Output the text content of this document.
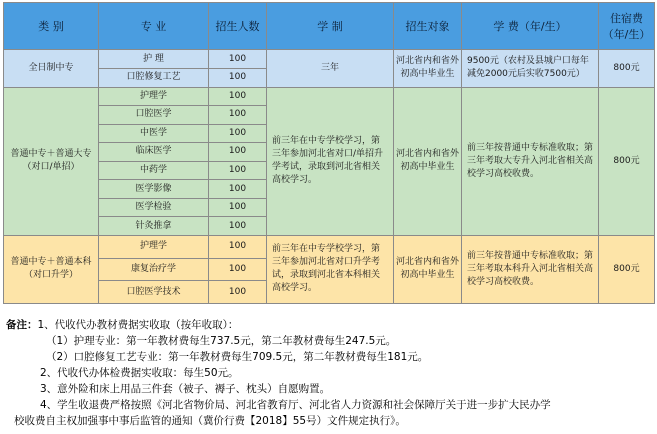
类 别	专 业	招生人数	学 制	招生对象	学 费（年/生）	住宿费
（年/生）

全日制中专	护 理	100	三年	河北省内和省外初高中毕业生	9500元（农村及县城户口每年减免2000元后实收7500元）	800元
	口腔修复工艺	100				
普通中专＋普通大专（对口/单招）	护理学	100	前三年在中专学校学习，第三年参加河北省对口/单招升学考试，录取到河北省相关高校学习。	河北省内和省外初高中毕业生	前三年按普通中专标准收取；第三年考取大专升入河北省相关高校学习高校收费。	800元
	口腔医学	100				
	中医学	100				
	临床医学	100				
	中药学	100				
	医学影像	100				
	医学检验	100				
	针灸推拿	100				
普通中专＋普通本科（对口升学）	护理学	100	前三年在中专学校学习，第三年参加河北省对口升学考试，录取到河北省本科相关高校学习。	河北省内和省外初高中毕业生	前三年按普通中专标准收取；第三年考取本科升入河北省相关高校学习高校收费。	800元
	康复治疗学	100				
	口腔医学技术	100				
备注：1、代收代办教材费据实收取（按年收取）：
（1）护理专业：第一年教材费每生737.5元，第二年教材费每生247.5元。
（2）口腔修复工艺专业：第一年教材费每生709.5元，第二年教材费每生181元。
2、代收代办体检费据实收取：每生50元。
3、意外险和床上用品三件套（被子、褥子、枕头）自愿购置。
4、学生收退费严格按照《河北省物价局、河北省教育厅、河北省人力资源和社会保障厅关于进一步扩大民办学
校收费自主权加强事中事后监管的通知（冀价行费【2018】55号）文件规定执行》。
